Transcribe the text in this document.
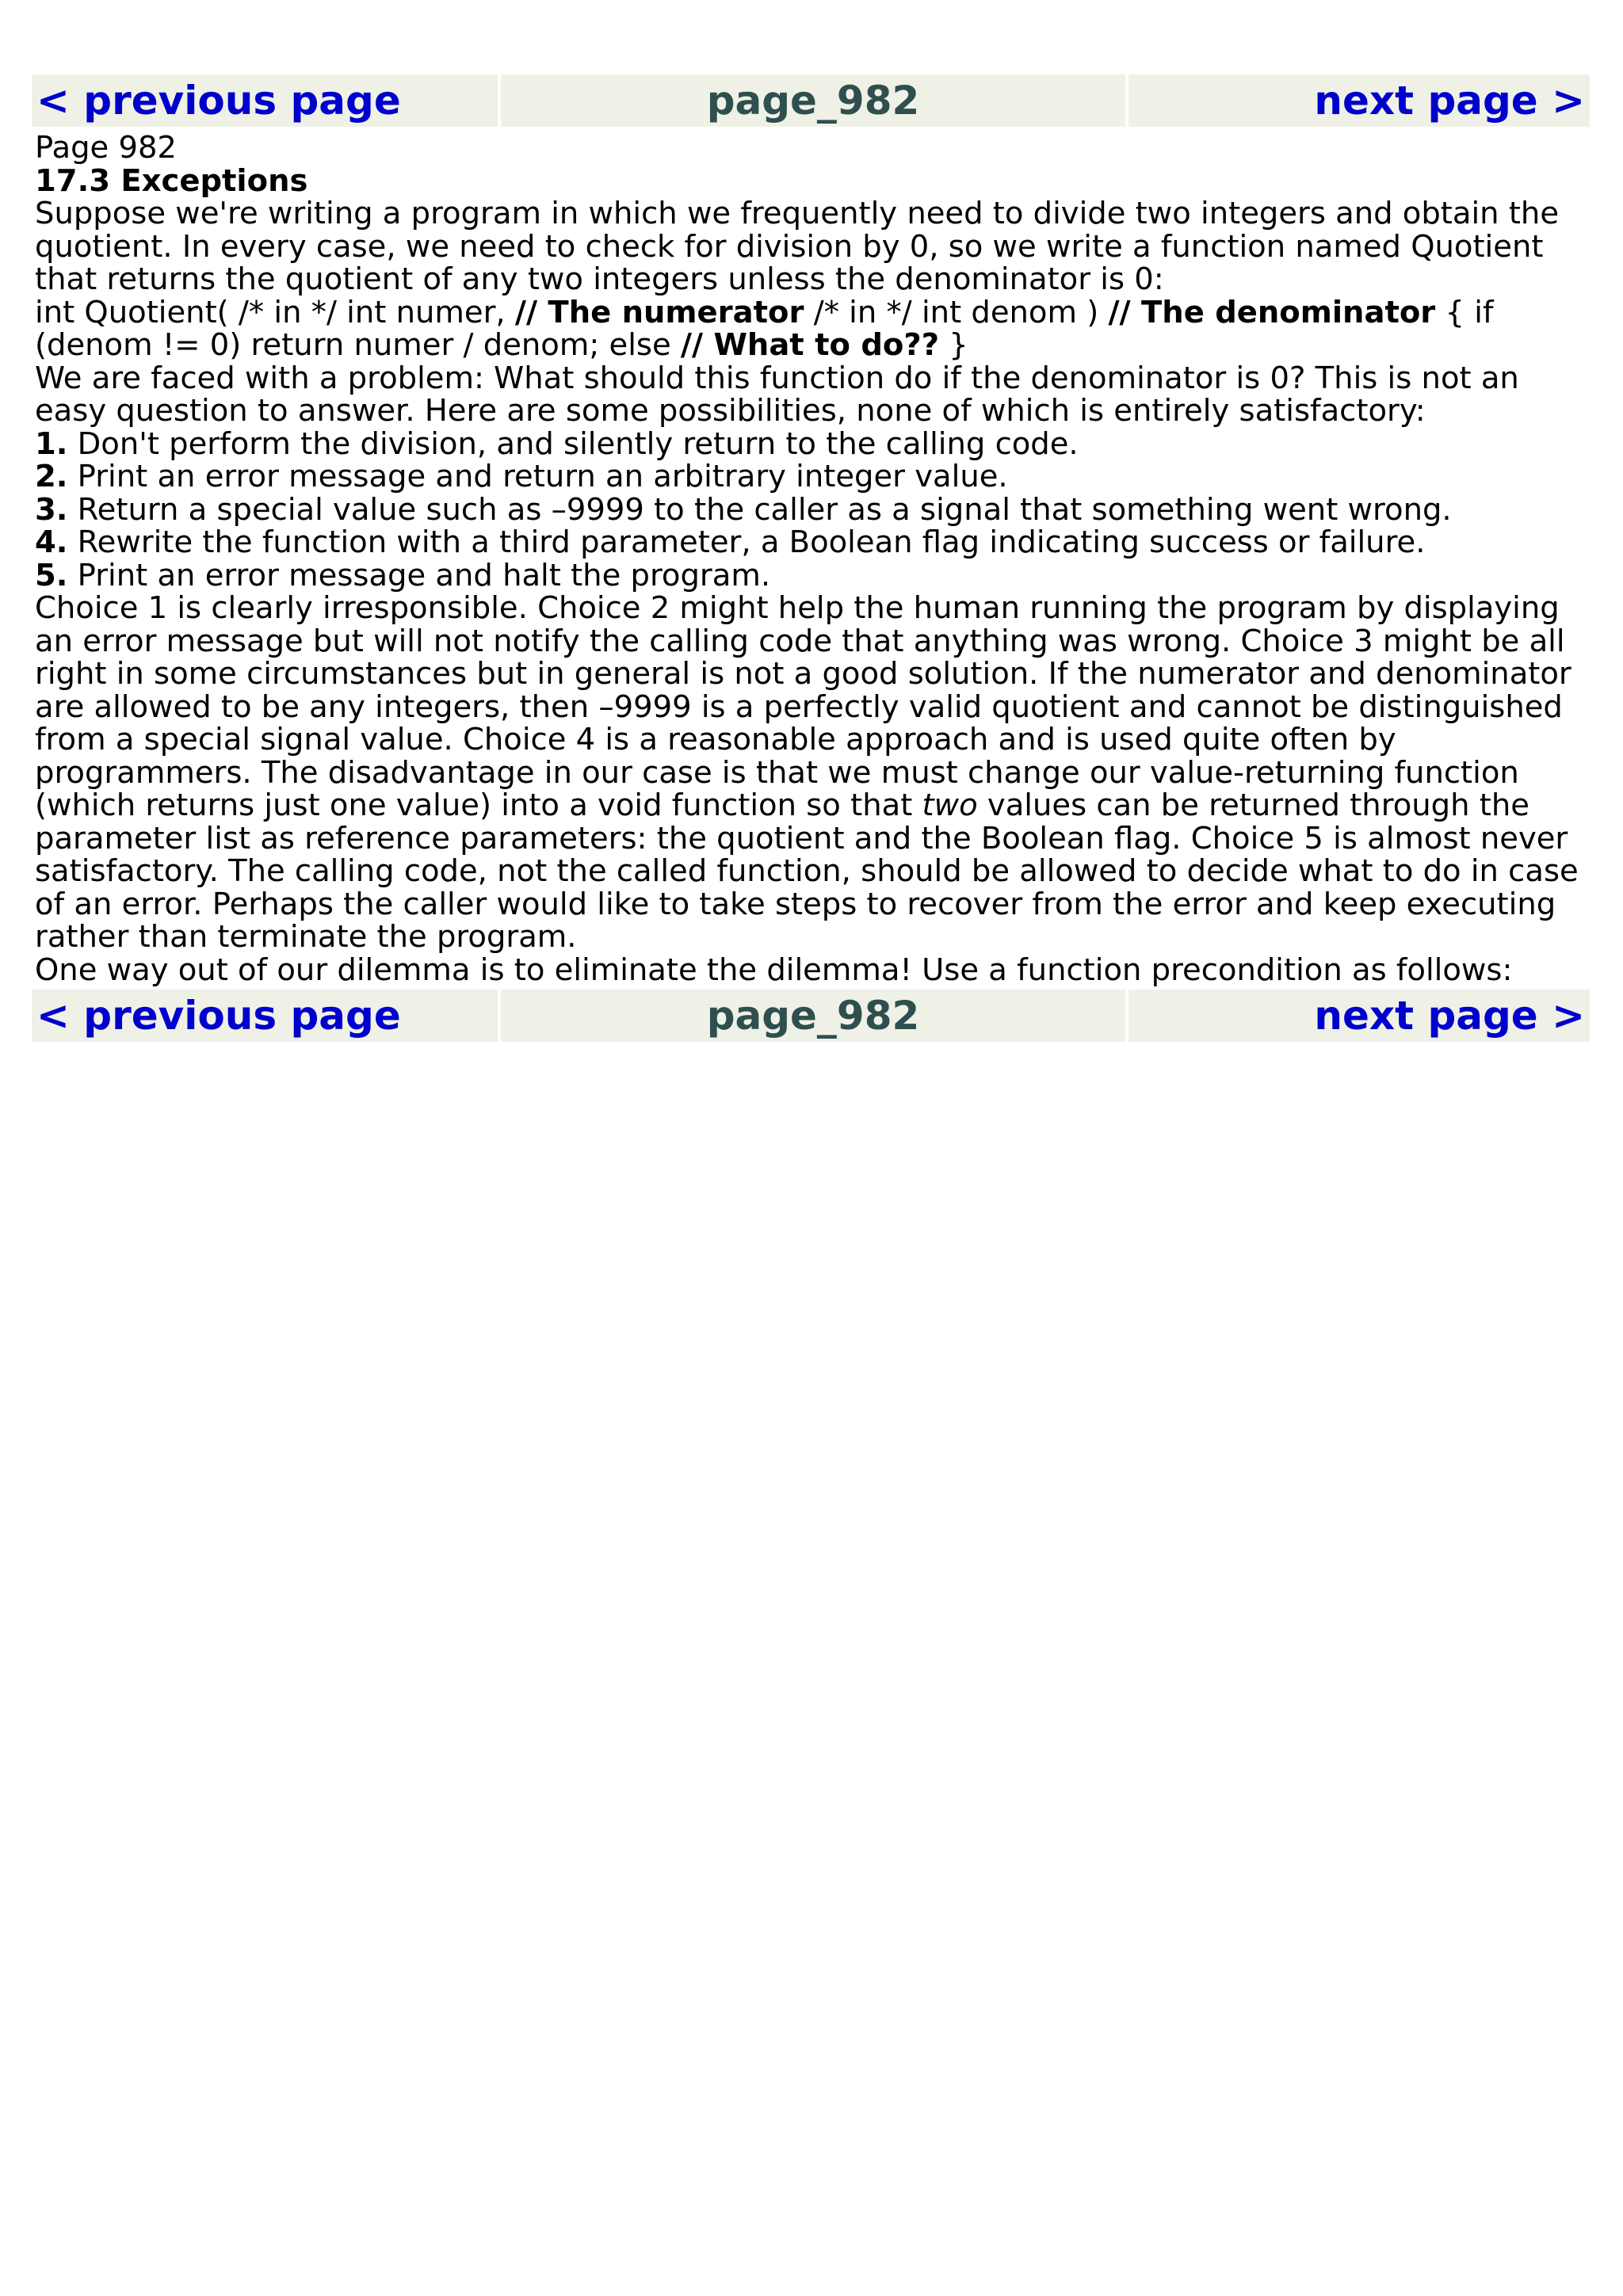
< previous page	page_982	next page >

Page 982

17.3 Exceptions

Suppose we're writing a program in which we frequently need to divide two integers and obtain the quotient. In every case, we need to check for division by 0, so we write a function named Quotient that returns the quotient of any two integers unless the denominator is 0:

int Quotient( /* in */ int numer, // The numerator /* in */ int denom ) // The denominator { if (denom != 0) return numer / denom; else // What to do?? }

We are faced with a problem: What should this function do if the denominator is 0? This is not an easy question to answer. Here are some possibilities, none of which is entirely satisfactory:

1. Don't perform the division, and silently return to the calling code.

2. Print an error message and return an arbitrary integer value.

3. Return a special value such as –9999 to the caller as a signal that something went wrong.

4. Rewrite the function with a third parameter, a Boolean flag indicating success or failure.

5. Print an error message and halt the program.

Choice 1 is clearly irresponsible. Choice 2 might help the human running the program by displaying an error message but will not notify the calling code that anything was wrong. Choice 3 might be all right in some circumstances but in general is not a good solution. If the numerator and denominator are allowed to be any integers, then –9999 is a perfectly valid quotient and cannot be distinguished from a special signal value. Choice 4 is a reasonable approach and is used quite often by programmers. The disadvantage in our case is that we must change our value-returning function (which returns just one value) into a void function so that two values can be returned through the parameter list as reference parameters: the quotient and the Boolean flag. Choice 5 is almost never satisfactory. The calling code, not the called function, should be allowed to decide what to do in case of an error. Perhaps the caller would like to take steps to recover from the error and keep executing rather than terminate the program.

One way out of our dilemma is to eliminate the dilemma! Use a function precondition as follows:

< previous page	page_982	next page >
